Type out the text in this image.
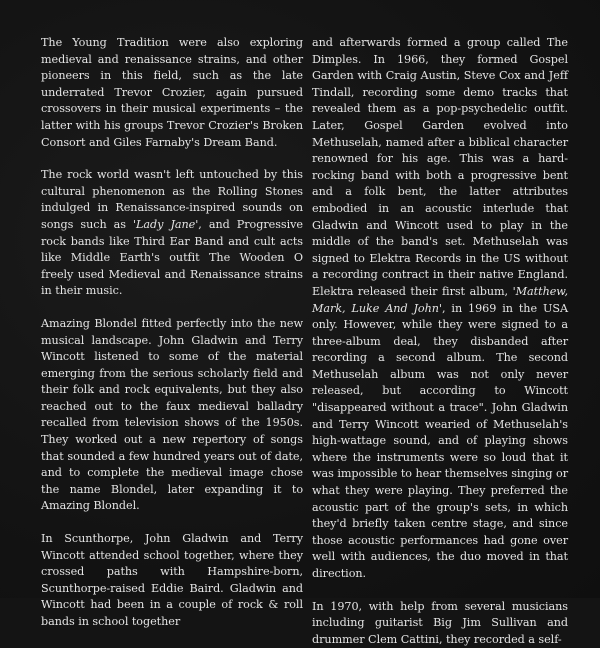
The Young Tradition were also exploring medieval and renaissance strains, and other pioneers in this field, such as the late underrated Trevor Crozier, again pursued crossovers in their musical experiments – the latter with his groups Trevor Crozier's Broken Consort and Giles Farnaby's Dream Band.

The rock world wasn't left untouched by this cultural phenomenon as the Rolling Stones indulged in Renaissance-inspired sounds on songs such as 'Lady Jane', and Progressive rock bands like Third Ear Band and cult acts like Middle Earth's outfit The Wooden O freely used Medieval and Renaissance strains in their music.

Amazing Blondel fitted perfectly into the new musical landscape. John Gladwin and Terry Wincott listened to some of the material emerging from the serious scholarly field and their folk and rock equivalents, but they also reached out to the faux medieval balladry recalled from television shows of the 1950s. They worked out a new repertory of songs that sounded a few hundred years out of date, and to complete the medieval image chose the name Blondel, later expanding it to Amazing Blondel.

In Scunthorpe, John Gladwin and Terry Wincott attended school together, where they crossed paths with Hampshire-born, Scunthorpe-raised Eddie Baird. Gladwin and Wincott had been in a couple of rock & roll bands in school together

and afterwards formed a group called The Dimples. In 1966, they formed Gospel Garden with Craig Austin, Steve Cox and Jeff Tindall, recording some demo tracks that revealed them as a pop-psychedelic outfit. Later, Gospel Garden evolved into Methuselah, named after a biblical character renowned for his age. This was a hard-rocking band with both a progressive bent and a folk bent, the latter attributes embodied in an acoustic interlude that Gladwin and Wincott used to play in the middle of the band's set. Methuselah was signed to Elektra Records in the US without a recording contract in their native England. Elektra released their first album, 'Matthew, Mark, Luke And John', in 1969 in the USA only. However, while they were signed to a three-album deal, they disbanded after recording a second album. The second Methuselah album was not only never released, but according to Wincott "disappeared without a trace". John Gladwin and Terry Wincott wearied of Methuselah's high-wattage sound, and of playing shows where the instruments were so loud that it was impossible to hear themselves singing or what they were playing. They preferred the acoustic part of the group's sets, in which they'd briefly taken centre stage, and since those acoustic performances had gone over well with audiences, the duo moved in that direction.

In 1970, with help from several musicians including guitarist Big Jim Sullivan and drummer Clem Cattini, they recorded a self-
